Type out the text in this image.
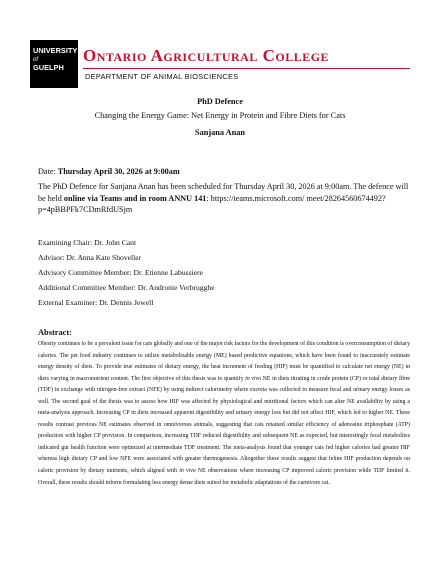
UNIVERSITY
of
GUELPH
Ontario Agricultural College
DEPARTMENT OF ANIMAL BIOSCIENCES
PhD Defence
Changing the Energy Game: Net Energy in Protein and Fibre Diets for Cats
Sanjana Anan
Date: Thursday April 30, 2026 at 9:00am
The PhD Defence for Sanjana Anan has been scheduled for Thursday April 30, 2026 at 9:00am. The defence will be held online via Teams and in room ANNU 141: https://teams.microsoft.com/ meet/28264560674492?p=4pBBPFk7CDmRfdUSjm
Examining Chair: Dr. John Cant
Advisor: Dr. Anna Kate Shoveller
Advisory Committee Member: Dr. Etienne Labussiere
Additional Committee Member: Dr. Andronie Verbrugghe
External Examiner: Dr. Dennis Jewell
Abstract:
Obesity continues to be a prevalent issue for cats globally and one of the major risk factors for the development of this condition is overconsumption of dietary calories. The pet food industry continues to utilize metabolizable energy (ME) based predictive equations, which have been found to inaccurately estimate energy density of diets. To provide true estimates of dietary energy, the heat increment of feeding (HIF) must be quantified to calculate net energy (NE) in diets varying in macronutrient content. The first objective of this thesis was to quantify in vivo NE in diets titrating in crude protein (CP) or total dietary fibre (TDF) in exchange with nitrogen-free extract (NFE) by using indirect calorimetry where excreta was collected to measure fecal and urinary energy losses as well. The second goal of the thesis was to assess how HIF was affected by physiological and nutritional factors which can alter NE availability by using a meta-analysis approach. Increasing CP in diets increased apparent digestibility and urinary energy loss but did not affect HIF, which led to higher NE. These results contrast previous NE estimates observed in omnivorous animals, suggesting that cats retained similar efficiency of adenosine triphosphate (ATP) production with higher CP provision. In comparison, increasing TDF reduced digestibility and subsequent NE as expected, but interestingly fecal metabolites indicated gut health function were optimized at intermediate TDF treatment. The meta-analysis found that younger cats fed higher calories had greater HIF whereas high dietary CP and low NFE were associated with greater thermogenesis. Altogether these results suggest that feline HIF production depends on caloric provision by dietary nutrients, which aligned with in vivo NE observations where increasing CP improved caloric provision while TDF limited it. Overall, these results should inform formulating less energy dense diets suited for metabolic adaptations of the carnivore cat.
